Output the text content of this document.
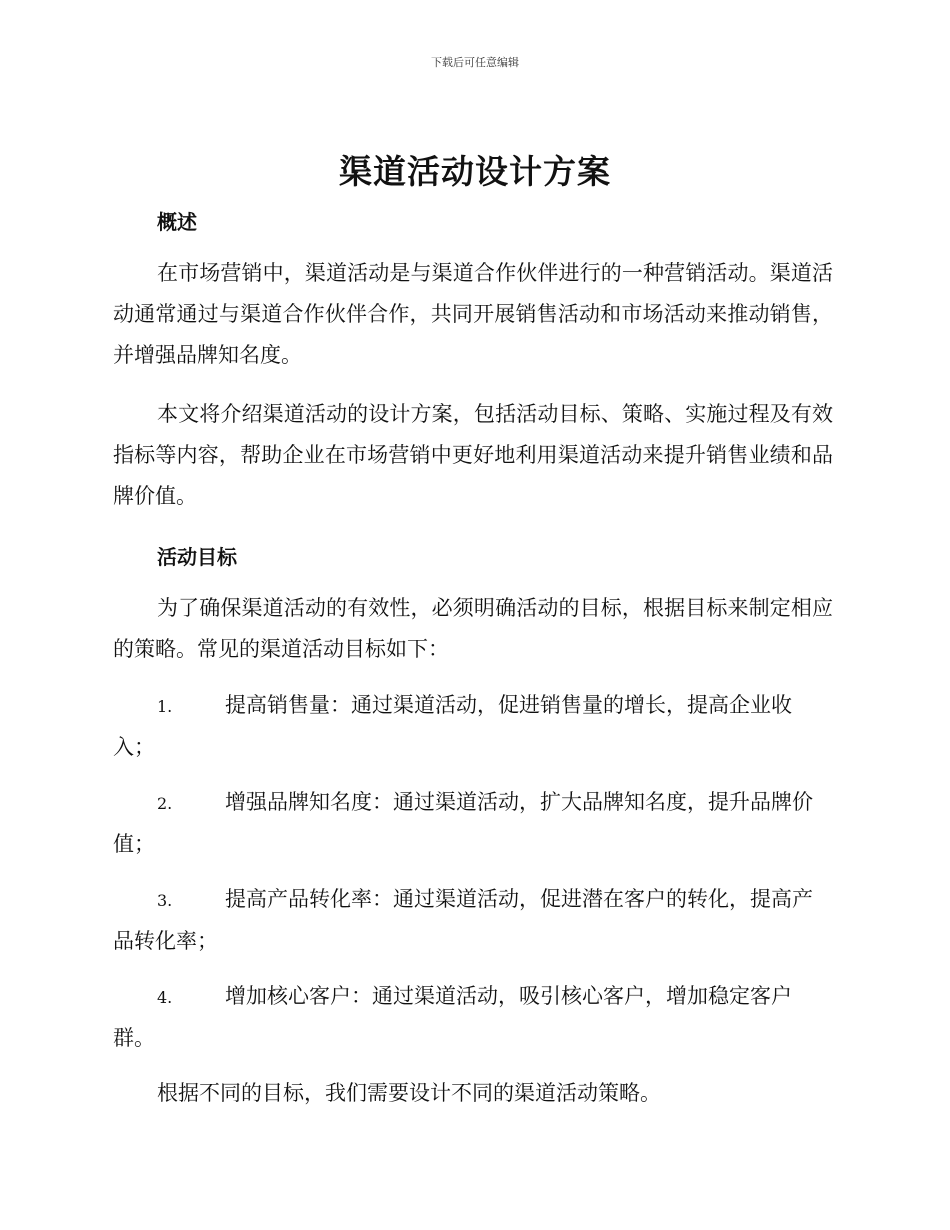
下载后可任意编辑
渠道活动设计方案
概述
在市场营销中，渠道活动是与渠道合作伙伴进行的一种营销活动。渠道活动通常通过与渠道合作伙伴合作，共同开展销售活动和市场活动来推动销售，并增强品牌知名度。
本文将介绍渠道活动的设计方案，包括活动目标、策略、实施过程及有效指标等内容，帮助企业在市场营销中更好地利用渠道活动来提升销售业绩和品牌价值。
活动目标
为了确保渠道活动的有效性，必须明确活动的目标，根据目标来制定相应的策略。常见的渠道活动目标如下：
1.	提高销售量：通过渠道活动，促进销售量的增长，提高企业收入；
2.	增强品牌知名度：通过渠道活动，扩大品牌知名度，提升品牌价值；
3.	提高产品转化率：通过渠道活动，促进潜在客户的转化，提高产品转化率；
4.	增加核心客户：通过渠道活动，吸引核心客户，增加稳定客户群。
根据不同的目标，我们需要设计不同的渠道活动策略。
